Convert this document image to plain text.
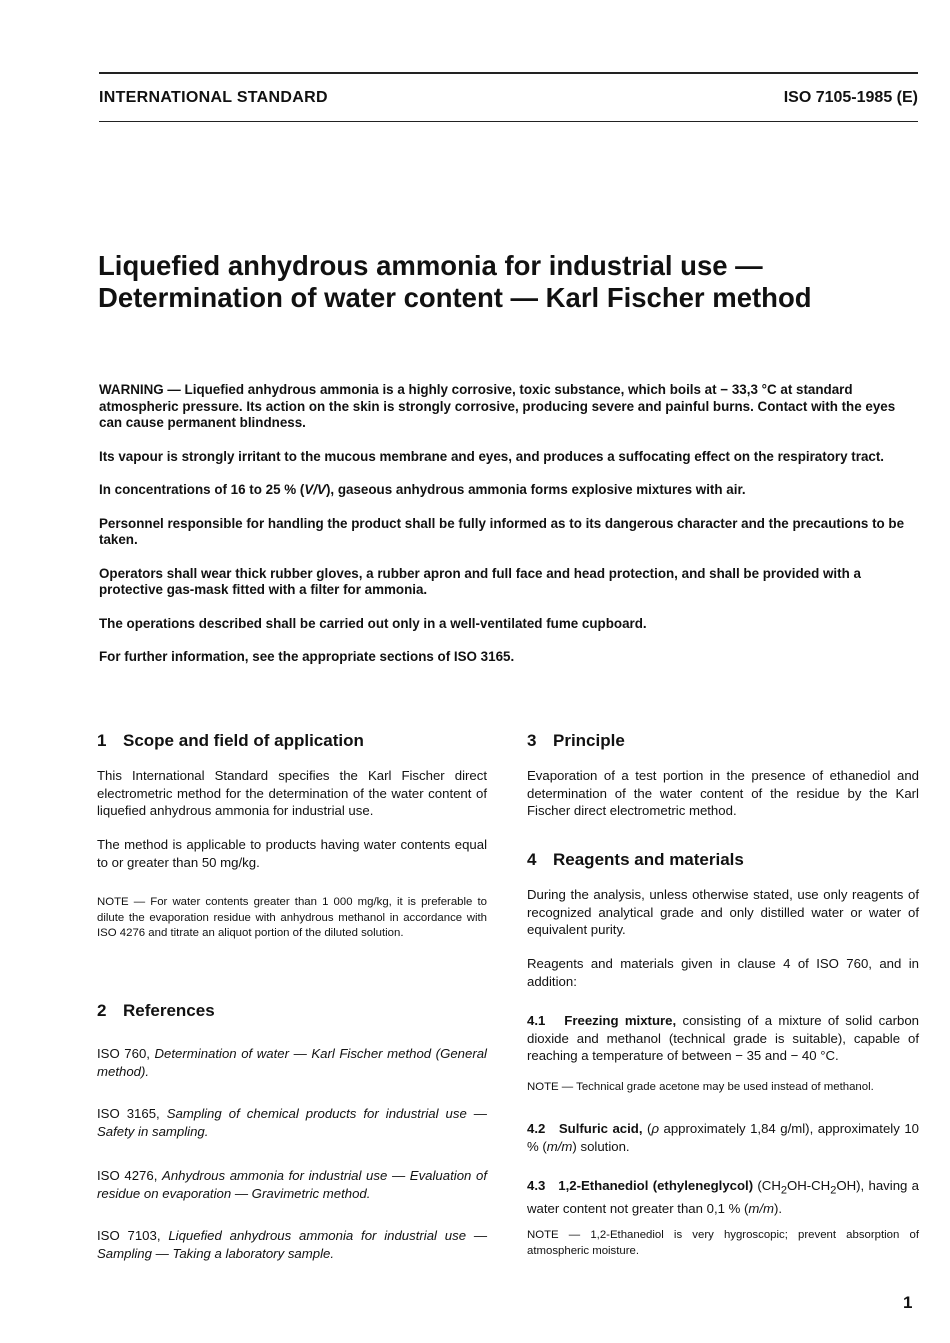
INTERNATIONAL STANDARD	ISO 7105-1985 (E)
Liquefied anhydrous ammonia for industrial use —
Determination of water content — Karl Fischer method

WARNING — Liquefied anhydrous ammonia is a highly corrosive, toxic substance, which boils at − 33,3 °C at standard atmospheric pressure. Its action on the skin is strongly corrosive, producing severe and painful burns. Contact with the eyes can cause permanent blindness.

Its vapour is strongly irritant to the mucous membrane and eyes, and produces a suffocating effect on the respiratory tract.

In concentrations of 16 to 25 % (V/V), gaseous anhydrous ammonia forms explosive mixtures with air.

Personnel responsible for handling the product shall be fully informed as to its dangerous character and the precautions to be taken.

Operators shall wear thick rubber gloves, a rubber apron and full face and head protection, and shall be provided with a protective gas-mask fitted with a filter for ammonia.

The operations described shall be carried out only in a well-ventilated fume cupboard.

For further information, see the appropriate sections of ISO 3165.

1 Scope and field of application

This International Standard specifies the Karl Fischer direct electrometric method for the determination of the water content of liquefied anhydrous ammonia for industrial use.

The method is applicable to products having water contents equal to or greater than 50 mg/kg.

NOTE — For water contents greater than 1 000 mg/kg, it is preferable to dilute the evaporation residue with anhydrous methanol in accordance with ISO 4276 and titrate an aliquot portion of the diluted solution.

2 References

ISO 760, Determination of water — Karl Fischer method (General method).

ISO 3165, Sampling of chemical products for industrial use — Safety in sampling.

ISO 4276, Anhydrous ammonia for industrial use — Evaluation of residue on evaporation — Gravimetric method.

ISO 7103, Liquefied anhydrous ammonia for industrial use — Sampling — Taking a laboratory sample.

3 Principle

Evaporation of a test portion in the presence of ethanediol and determination of the water content of the residue by the Karl Fischer direct electrometric method.

4 Reagents and materials

During the analysis, unless otherwise stated, use only reagents of recognized analytical grade and only distilled water or water of equivalent purity.

Reagents and materials given in clause 4 of ISO 760, and in addition:

4.1 Freezing mixture, consisting of a mixture of solid carbon dioxide and methanol (technical grade is suitable), capable of reaching a temperature of between − 35 and − 40 °C.

NOTE — Technical grade acetone may be used instead of methanol.

4.2 Sulfuric acid, (ρ approximately 1,84 g/ml), approximately 10 % (m/m) solution.

4.3 1,2-Ethanediol (ethyleneglycol) $(CH_2OH-CH_2OH)$, having a water content not greater than 0,1 % (m/m).

NOTE — 1,2-Ethanediol is very hygroscopic; prevent absorption of atmospheric moisture.

1
